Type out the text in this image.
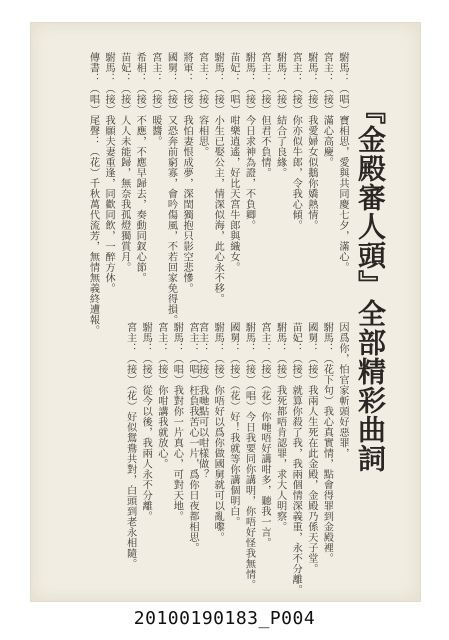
『金殿審人頭』全部精彩曲詞
駙馬：（唱）寶相思，愛與共同慶七夕，滿心。
宮主：（接）滿心高慶。
駙馬：（接）我愛婦女似鵝你嬌熱情。
宮主：（接）你亦似牛郎，令我心傾。
駙馬：（接）結合了良緣。
宮主：（接）但君不負情。
駙馬：（接）今日求神為證，不負卿。
苗妃：（唱）咁樂逍遙，好比天宮牛郎與織女。
駙馬：（接）小生已娶公主，情深似海，此心永不移。
宮主：（接）容相思。
將軍：（接）我怕妻恨成夢，深閨獨抱只影空悲慘。
國舅：（接）又恐奔前窮寡，會吟傷風，不若回家免得損。
宮主：（接）暖醬。
希相：（接）不應，不應早歸去，奏動同釵心節。
苗妃：（接）人人未能歸，無奈我孤燈獨賞月。
駙馬：（接）我願夫妻重逢，同歡同飲，一醉方休。
傳書：（唱）尾聲：（花）千秋萬代流芳，無情無義終遭報。
因爲你，怕官家斬頭好惡罪，
駙馬：（花下句）我心真實情，點會得罪到金殿裡。
國舅：（接）我兩人生死在此金殿，金殿乃係天子堂。
苗妃：（接）就算你殺了我，我兩個情深義重，永不分離。
駙馬：（接）我死都唔肯認罪，求大人明察。
宮主：（接）（花）你哋唔好講咁多，聽我一言。
駙馬：（接）（唱）今日我要同你講明，你唔好怪我無情。
國舅：（接）（花）好！我就等你講個明白。
駙馬：（接）你唔好以爲你做國舅就可以亂嚟。
宮主：（接）我哋點可以咁樣做？
宮主：（唱）枉負我苦心一片，爲你日夜都相思。
駙馬：（唱）我對你一片真心，可對天地。
宮主：（接）你咁講我就放心。
駙馬：（接）從今以後，我兩人永不分離。
宮主：（接）（花）好似鴛鴦共對，白頭到老永相隨。
20100190183_P004
